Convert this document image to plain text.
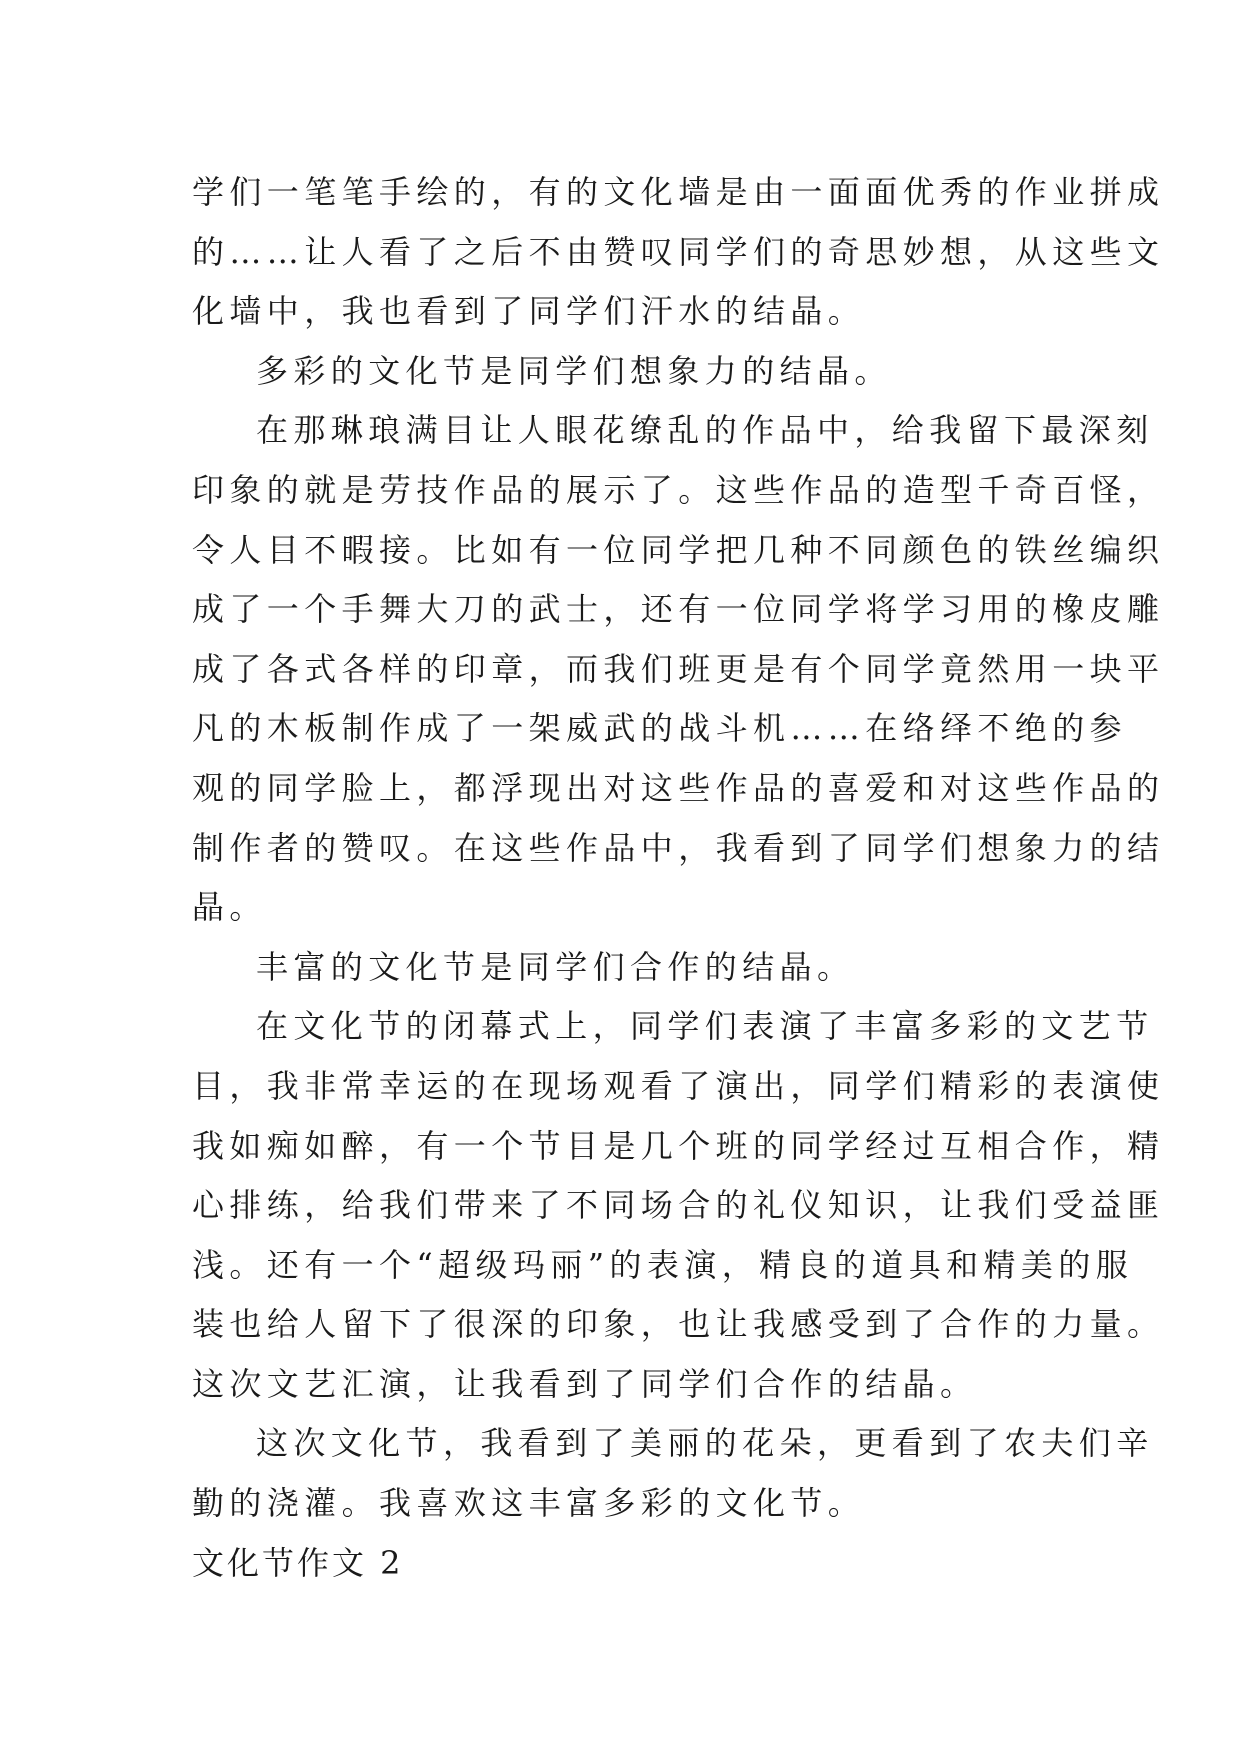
学们一笔笔手绘的，有的文化墙是由一面面优秀的作业拼成
的……让人看了之后不由赞叹同学们的奇思妙想，从这些文
化墙中，我也看到了同学们汗水的结晶。
多彩的文化节是同学们想象力的结晶。
在那琳琅满目让人眼花缭乱的作品中，给我留下最深刻
印象的就是劳技作品的展示了。这些作品的造型千奇百怪，
令人目不暇接。比如有一位同学把几种不同颜色的铁丝编织
成了一个手舞大刀的武士，还有一位同学将学习用的橡皮雕
成了各式各样的印章，而我们班更是有个同学竟然用一块平
凡的木板制作成了一架威武的战斗机……在络绎不绝的参
观的同学脸上，都浮现出对这些作品的喜爱和对这些作品的
制作者的赞叹。在这些作品中，我看到了同学们想象力的结
晶。
丰富的文化节是同学们合作的结晶。
在文化节的闭幕式上，同学们表演了丰富多彩的文艺节
目，我非常幸运的在现场观看了演出，同学们精彩的表演使
我如痴如醉，有一个节目是几个班的同学经过互相合作，精
心排练，给我们带来了不同场合的礼仪知识，让我们受益匪
浅。还有一个“超级玛丽”的表演，精良的道具和精美的服
装也给人留下了很深的印象，也让我感受到了合作的力量。
这次文艺汇演，让我看到了同学们合作的结晶。
这次文化节，我看到了美丽的花朵，更看到了农夫们辛
勤的浇灌。我喜欢这丰富多彩的文化节。
文化节作文 2
